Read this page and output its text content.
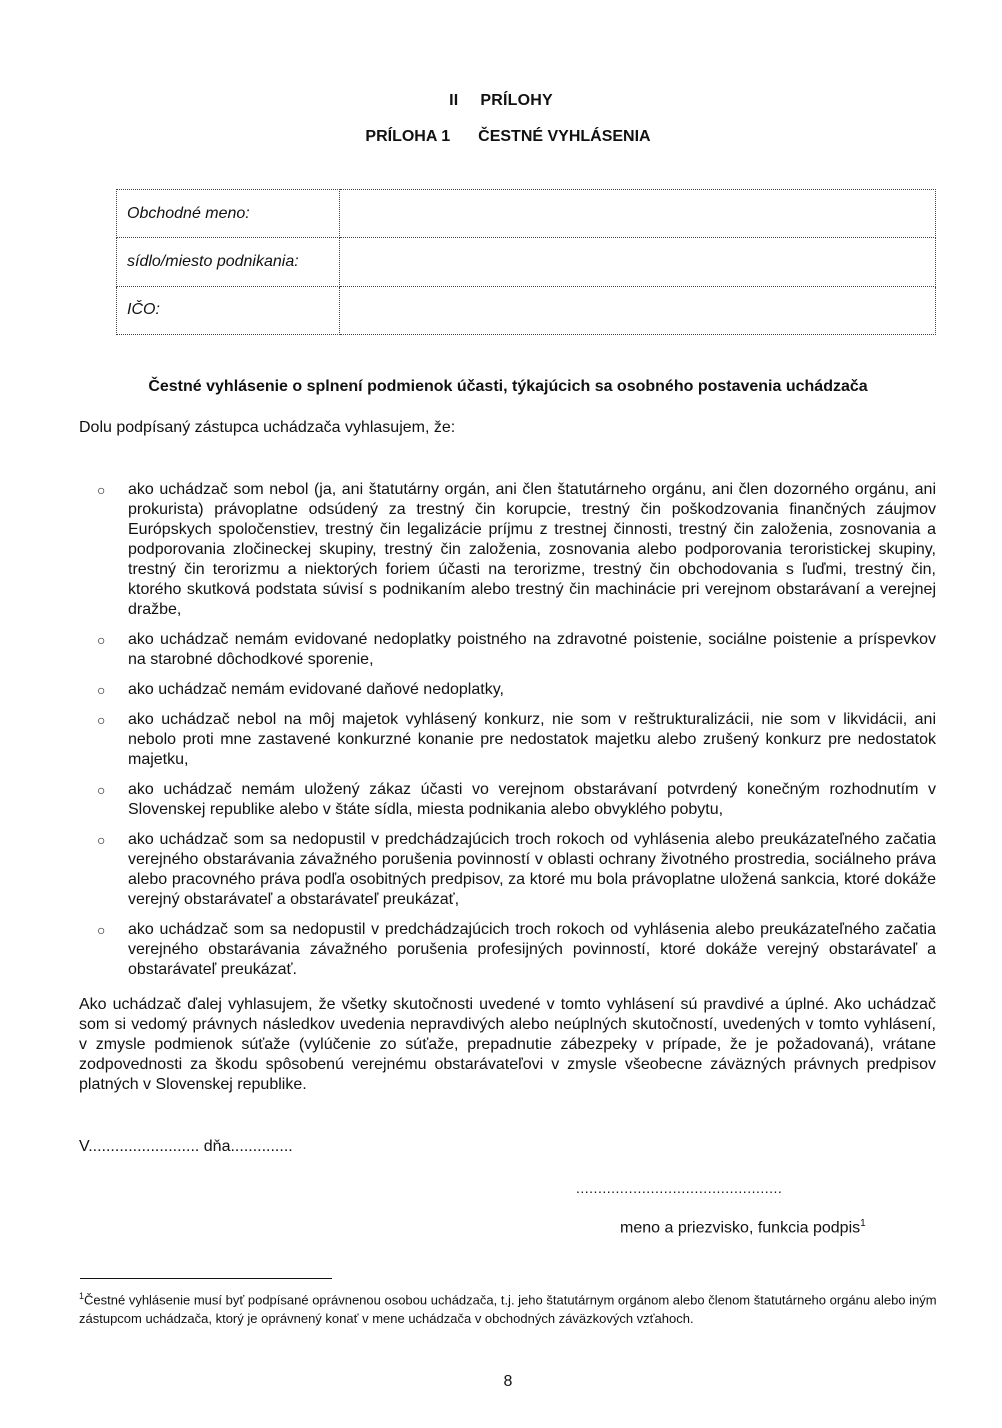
II PRÍLOHY
PRÍLOHA 1 ČESTNÉ VYHLÁSENIA
Obchodné meno:	
sídlo/miesto podnikania:	
IČO:	
Čestné vyhlásenie o splnení podmienok účasti, týkajúcich sa osobného postavenia uchádzača
Dolu podpísaný zástupca uchádzača vyhlasujem, že:
○ ako uchádzač som nebol (ja, ani štatutárny orgán, ani člen štatutárneho orgánu, ani člen dozorného orgánu, ani prokurista) právoplatne odsúdený za trestný čin korupcie, trestný čin poškodzovania finančných záujmov Európskych spoločenstiev, trestný čin legalizácie príjmu z trestnej činnosti, trestný čin založenia, zosnovania a podporovania zločineckej skupiny, trestný čin založenia, zosnovania alebo podporovania teroristickej skupiny, trestný čin terorizmu a niektorých foriem účasti na terorizme, trestný čin obchodovania s ľuďmi, trestný čin, ktorého skutková podstata súvisí s podnikaním alebo trestný čin machinácie pri verejnom obstarávaní a verejnej dražbe,
○ ako uchádzač nemám evidované nedoplatky poistného na zdravotné poistenie, sociálne poistenie a príspevkov na starobné dôchodkové sporenie,
○ ako uchádzač nemám evidované daňové nedoplatky,
○ ako uchádzač nebol na môj majetok vyhlásený konkurz, nie som v reštrukturalizácii, nie som v likvidácii, ani nebolo proti mne zastavené konkurzné konanie pre nedostatok majetku alebo zrušený konkurz pre nedostatok majetku,
○ ako uchádzač nemám uložený zákaz účasti vo verejnom obstarávaní potvrdený konečným rozhodnutím v Slovenskej republike alebo v štáte sídla, miesta podnikania alebo obvyklého pobytu,
○ ako uchádzač som sa nedopustil v predchádzajúcich troch rokoch od vyhlásenia alebo preukázateľného začatia verejného obstarávania závažného porušenia povinností v oblasti ochrany životného prostredia, sociálneho práva alebo pracovného práva podľa osobitných predpisov, za ktoré mu bola právoplatne uložená sankcia, ktoré dokáže verejný obstarávateľ a obstarávateľ preukázať,
○ ako uchádzač som sa nedopustil v predchádzajúcich troch rokoch od vyhlásenia alebo preukázateľného začatia verejného obstarávania závažného porušenia profesijných povinností, ktoré dokáže verejný obstarávateľ a obstarávateľ preukázať.
Ako uchádzač ďalej vyhlasujem, že všetky skutočnosti uvedené v tomto vyhlásení sú pravdivé a úplné. Ako uchádzač som si vedomý právnych následkov uvedenia nepravdivých alebo neúplných skutočností, uvedených v tomto vyhlásení, v zmysle podmienok súťaže (vylúčenie zo súťaže, prepadnutie zábezpeky v prípade, že je požadovaná), vrátane zodpovednosti za škodu spôsobenú verejnému obstarávateľovi v zmysle všeobecne záväzných právnych predpisov platných v Slovenskej republike.
V......................... dňa..............
...............................................
meno a priezvisko, funkcia podpis$^1$
$^1$Čestné vyhlásenie musí byť podpísané oprávnenou osobou uchádzača, t.j. jeho štatutárnym orgánom alebo členom štatutárneho orgánu alebo iným zástupcom uchádzača, ktorý je oprávnený konať v mene uchádzača v obchodných záväzkových vzťahoch.
8
